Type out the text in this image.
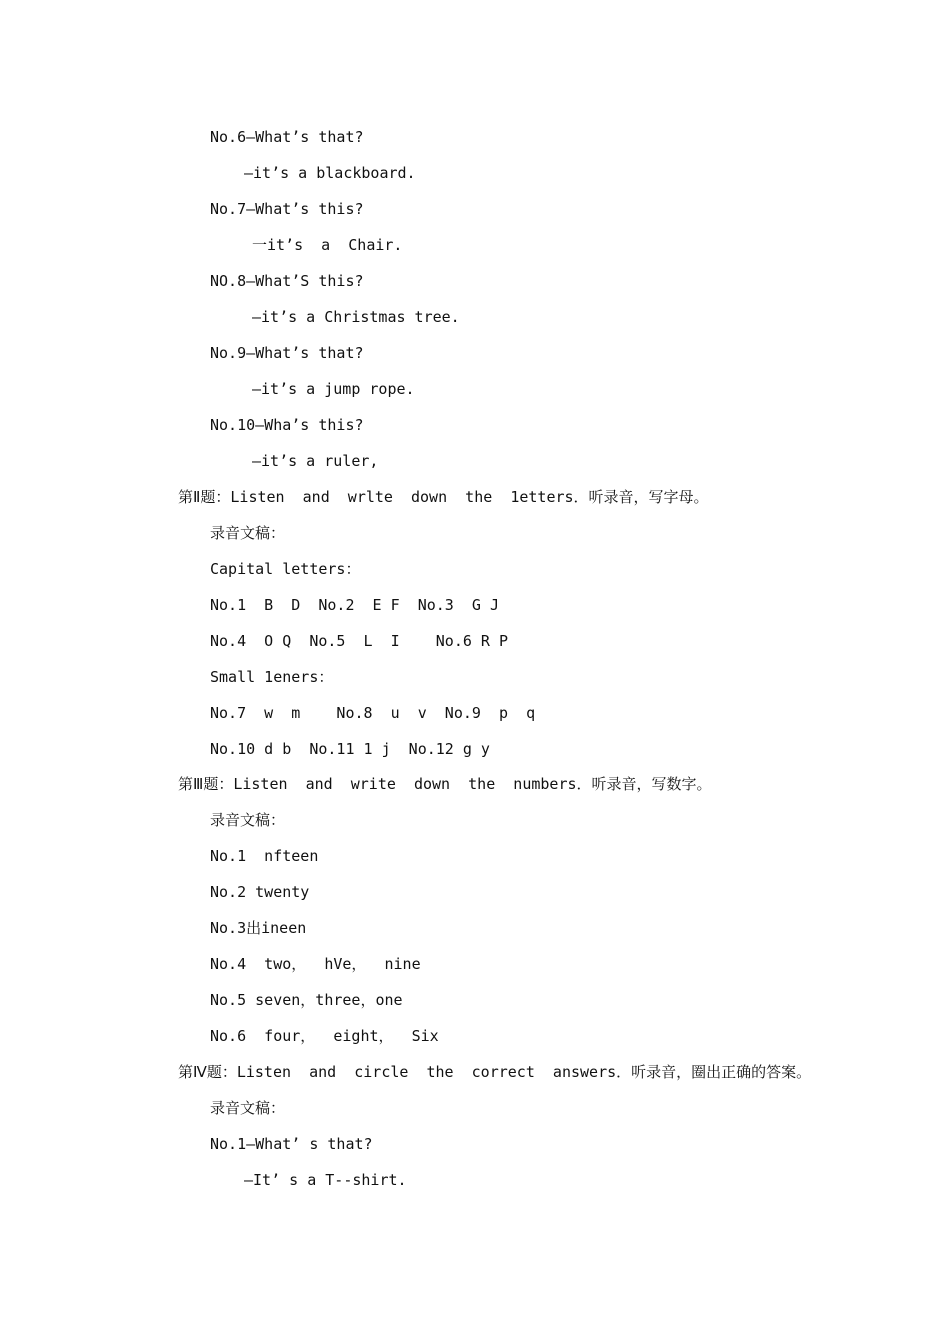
No.6—What’s that?

—it’s a blackboard.

No.7—What’s this?

一it’s  a  Chair.

NO.8—What’S this?

—it’s a Christmas tree.

No.9—What’s that?

—it’s a jump rope.

No.10—Wha’s this?

—it’s a ruler,

第Ⅱ题：Listen  and  wrlte  down  the  1etters．听录音，写字母。

录音文稿：

Capital letters：

No.1  B  D  No.2  E F  No.3  G J

No.4  O Q  No.5  L  I    No.6 R P

Small 1eners：

No.7  w  m    No.8  u  v  No.9  p  q

No.10 d b  No.11 1 j  No.12 g y

第Ⅲ题：Listen  and  write  down  the  numbers．听录音，写数字。

录音文稿：

No.1  nfteen

No.2 twenty

No.3出ineen

No.4  two，  hVe，  nine

No.5 seven，three，one

No.6  four，  eight，  Six

第Ⅳ题：Listen  and  circle  the  correct  answers．听录音，圈出正确的答案。

录音文稿：

No.1—What’ s that?

—It’ s a T--shirt.
